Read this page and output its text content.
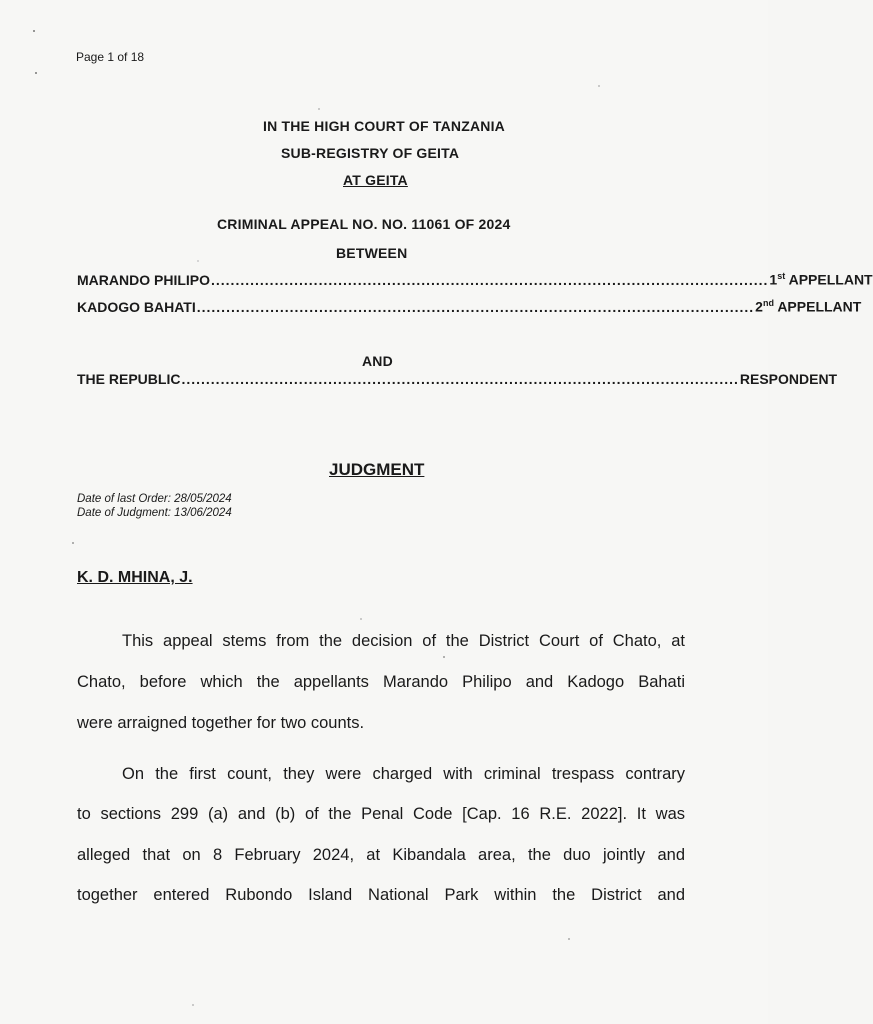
Page 1 of 18
IN THE HIGH COURT OF TANZANIA
SUB-REGISTRY OF GEITA
AT GEITA
CRIMINAL APPEAL NO. NO. 11061 OF 2024
BETWEEN
MARANDO PHILIPO .................................................................................................................. 1st APPELLANT
KADOGO BAHATI .................................................................................................................. 2nd APPELLANT
AND
THE REPUBLIC .................................................................................................................. RESPONDENT
JUDGMENT
Date of last Order: 28/05/2024
Date of Judgment: 13/06/2024
K. D. MHINA, J.
This appeal stems from the decision of the District Court of Chato, at
Chato, before which the appellants Marando Philipo and Kadogo Bahati
were arraigned together for two counts.
On the first count, they were charged with criminal trespass contrary
to sections 299 (a) and (b) of the Penal Code [Cap. 16 R.E. 2022]. It was
alleged that on 8 February 2024, at Kibandala area, the duo jointly and
together entered Rubondo Island National Park within the District and
